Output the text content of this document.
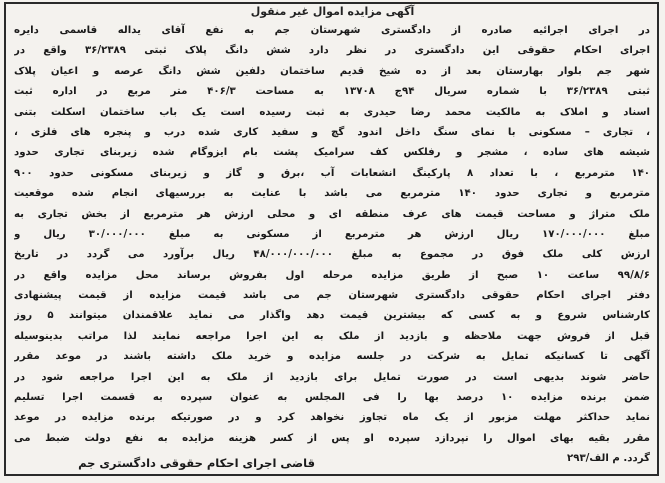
آگهی مزایده اموال غیر منقول
در اجرای اجرائیه صادره از دادگستری شهرستان جم به نفع آقای یداله قاسمی دایره
اجرای احکام حقوقی این دادگستری در نظر دارد شش دانگ پلاک ثبتی ۳۶/۲۳۸۹ واقع در
شهر جم بلوار بهارستان بعد از ده شیخ قدیم ساختمان دلفین شش دانگ عرصه و اعیان پلاک
ثبتی ۳۶/۲۳۸۹ با شماره سریال ۹۴ج ۱۳۷۰۸ به مساحت ۴۰۶/۳ متر مربع در اداره ثبت
اسناد و املاک به مالکیت محمد رضا حیدری به ثبت رسیده است یک باب ساختمان اسکلت بتنی
، تجاری – مسکونی با نمای سنگ داخل اندود گچ و سفید کاری شده درب و پنجره های فلزی ،
شیشه های ساده ، مشجر و رفلکس کف سرامیک پشت بام ایزوگام شده زیربنای تجاری حدود
۱۴۰ مترمربع ، با تعداد ۸ پارکینگ انشعابات آب ،برق و گاز و زیربنای مسکونی حدود ۹۰۰
مترمربع و تجاری حدود ۱۴۰ مترمربع می باشد با عنایت به بررسیهای انجام شده موقعیت
ملک متراژ و مساحت قیمت های عرف منطقه ای و محلی ارزش هر مترمربع از بخش تجاری به
مبلغ ۱۷۰/۰۰۰/۰۰۰ ریال ارزش هر مترمربع از مسکونی به مبلغ ۳۰/۰۰۰/۰۰۰ ریال و
ارزش کلی ملک فوق در مجموع به مبلغ ۴۸/۰۰۰/۰۰۰/۰۰۰ ریال برآورد می گردد در تاریخ
۹۹/۸/۶ ساعت ۱۰ صبح از طریق مزایده مرحله اول بفروش برساند محل مزایده واقع در
دفتر اجرای احکام حقوقی دادگستری شهرستان جم می باشد قیمت مزایده از قیمت پیشنهادی
کارشناس شروع و به کسی که بیشترین قیمت دهد واگذار می نماید علاقمندان میتوانند ۵ روز
قبل از فروش جهت ملاحظه و بازدید از ملک به این اجرا مراجعه نمایند لذا مراتب بدینوسیله
آگهی تا کسانیکه تمایل به شرکت در جلسه مزایده و خرید ملک داشته باشند در موعد مقرر
حاضر شوند بدیهی است در صورت تمایل برای بازدید از ملک به این اجرا مراجعه شود در
ضمن برنده مزایده ۱۰ درصد بها را فی المجلس به عنوان سپرده به قسمت اجرا تسلیم
نماید حداکثر مهلت مزبور از یک ماه تجاوز نخواهد کرد و در صورتیکه برنده مزایده در موعد
مقرر بقیه بهای اموال را نپردازد سپرده او پس از کسر هزینه مزایده به نفع دولت ضبط می
گردد. م الف/۲۹۳
قاضی اجرای احکام حقوقی دادگستری جم
